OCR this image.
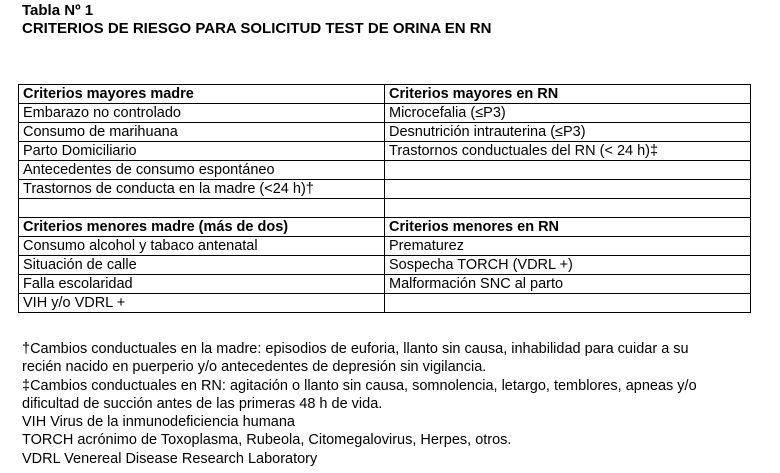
Tabla Nº 1
CRITERIOS DE RIESGO PARA SOLICITUD TEST DE ORINA EN RN
Criterios mayores madre	Criterios mayores en RN
Embarazo no controlado	Microcefalia (≤P3)
Consumo de marihuana	Desnutrición intrauterina (≤P3)
Parto Domiciliario	Trastornos conductuales del RN (< 24 h)‡
Antecedentes de consumo espontáneo	
Trastornos de conducta en la madre (<24 h)†	

Criterios menores madre (más de dos)	Criterios menores en RN
Consumo alcohol y tabaco antenatal	Prematurez
Situación de calle	Sospecha TORCH (VDRL +)
Falla escolaridad	Malformación SNC al parto
VIH y/o VDRL +	

†Cambios conductuales en la madre: episodios de euforia, llanto sin causa, inhabilidad para cuidar a su

recién nacido en puerperio y/o antecedentes de depresión sin vigilancia.

‡Cambios conductuales en RN: agitación o llanto sin causa, somnolencia, letargo, temblores, apneas y/o

dificultad de succión antes de las primeras 48 h de vida.

VIH Virus de la inmunodeficiencia humana

TORCH acrónimo de Toxoplasma, Rubeola, Citomegalovirus, Herpes, otros.

VDRL Venereal Disease Research Laboratory
